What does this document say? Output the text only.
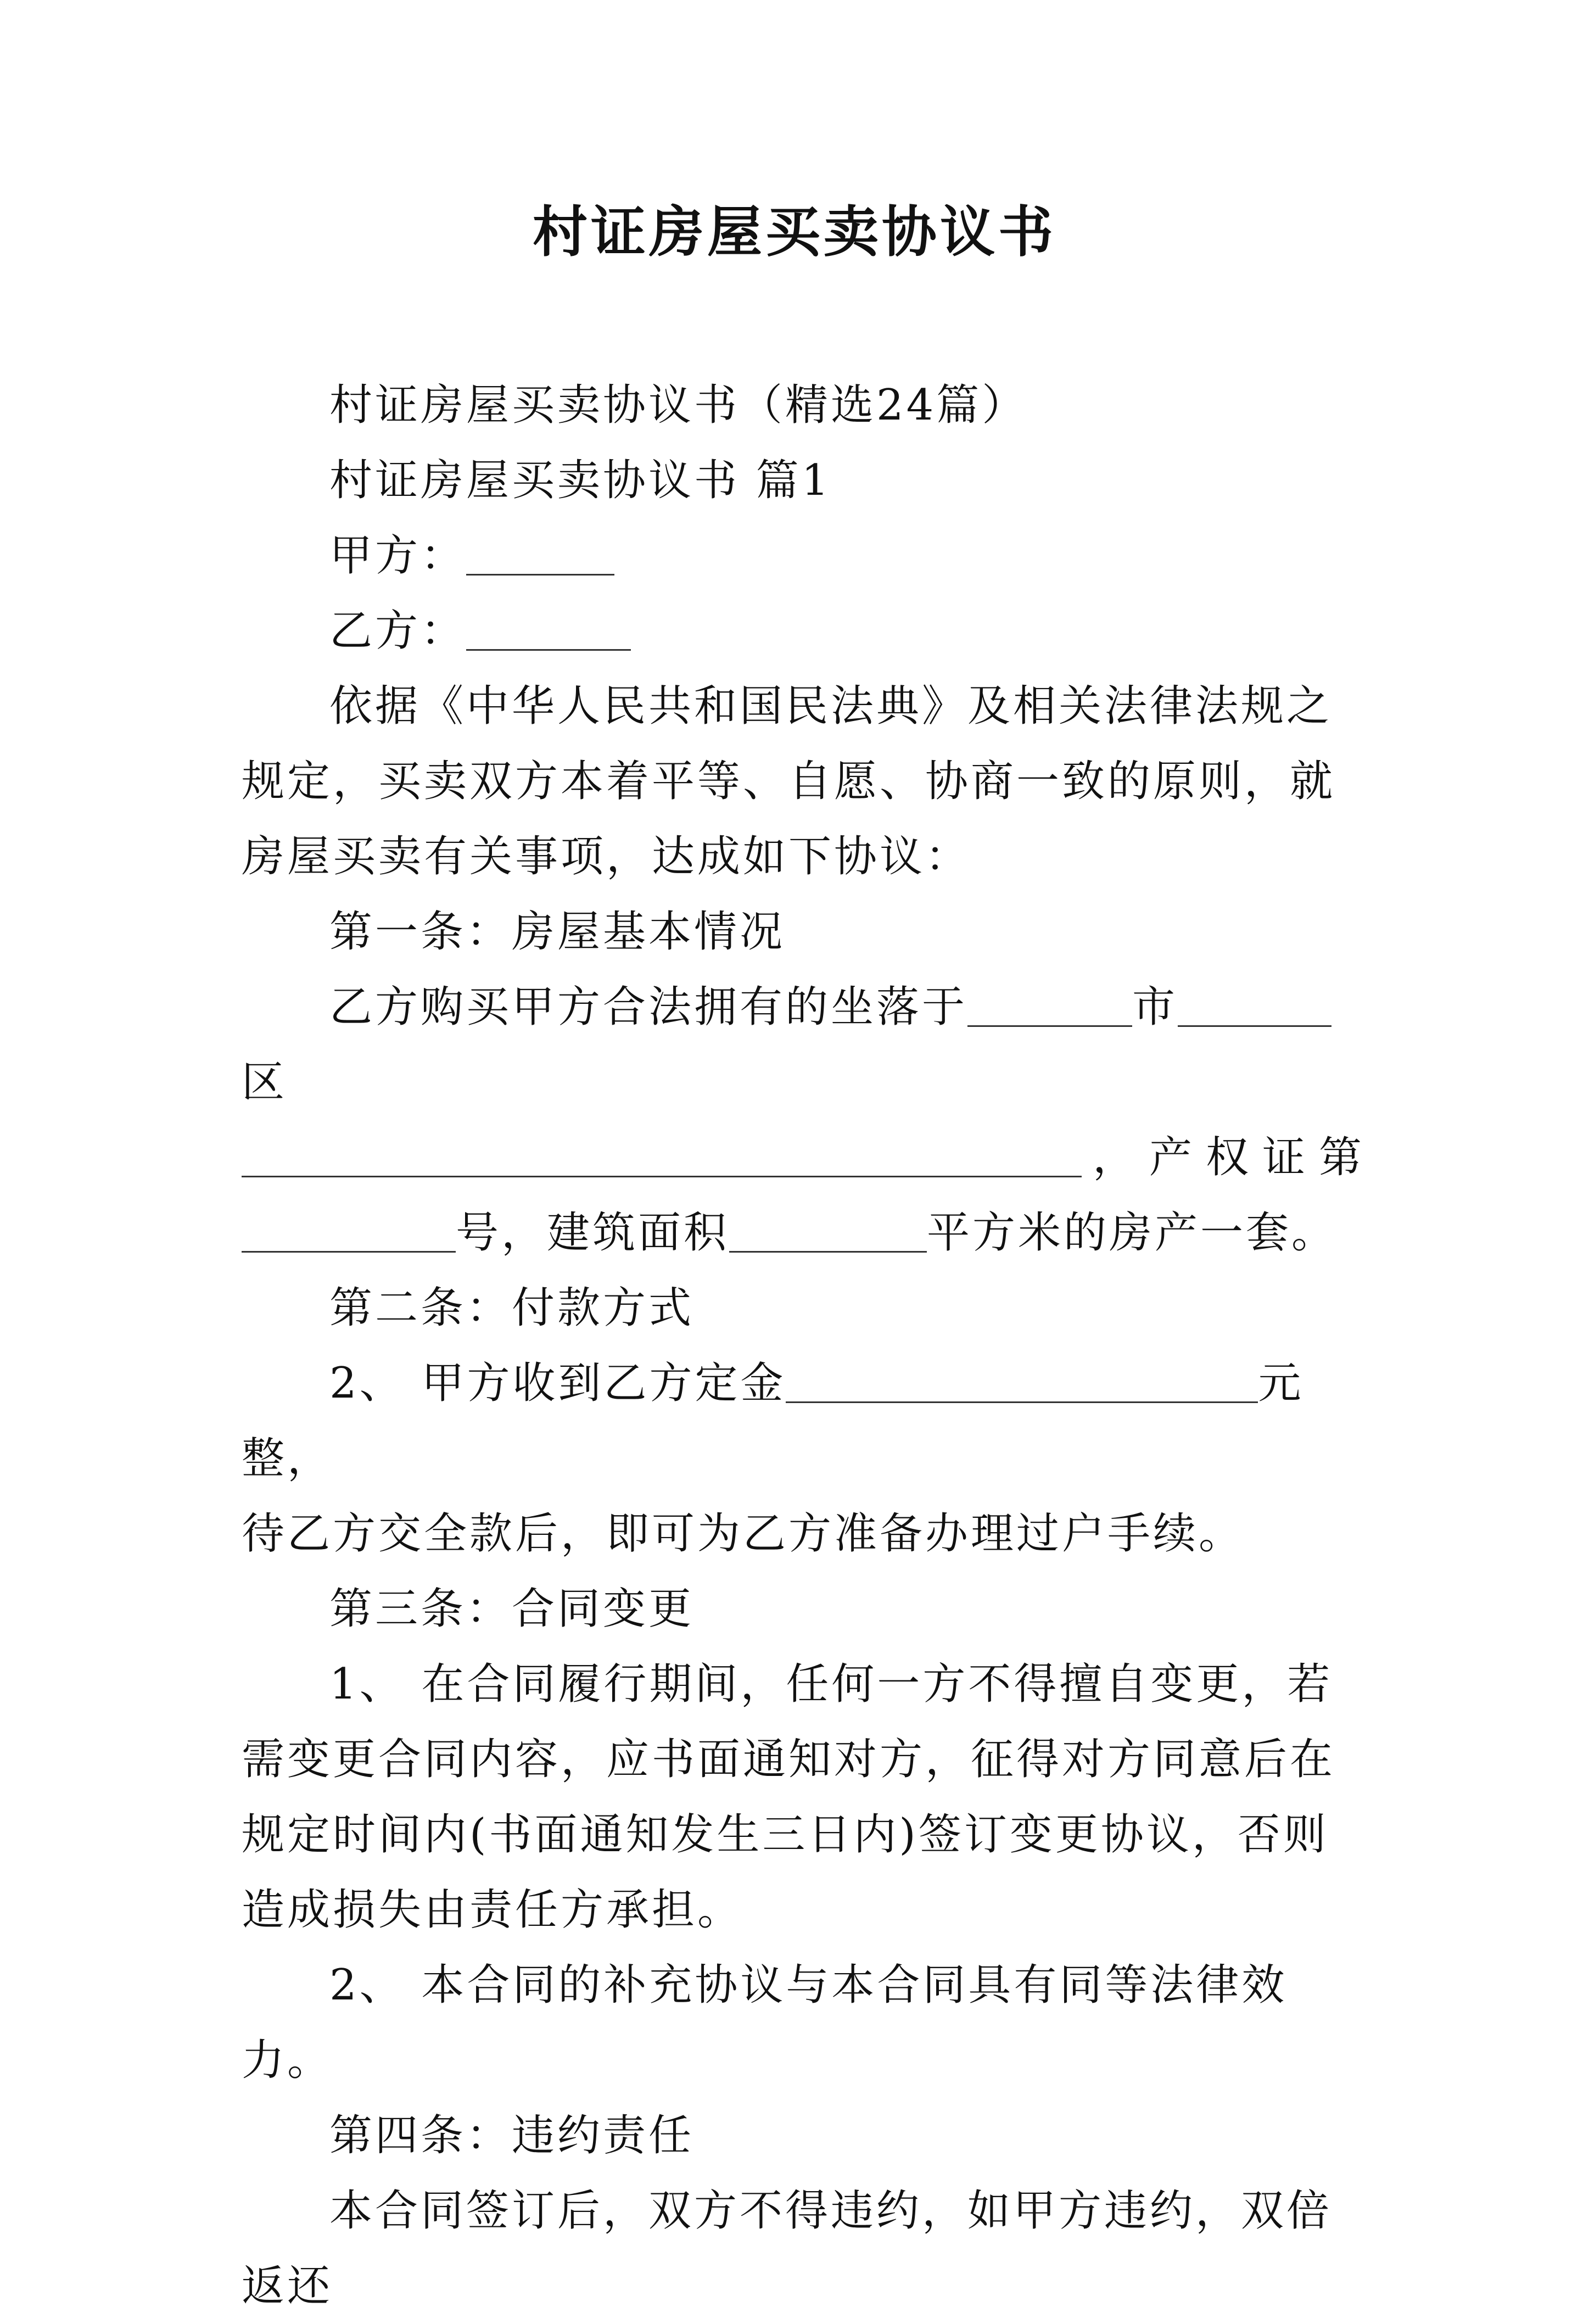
村证房屋买卖协议书

村证房屋买卖协议书（精选24篇）

村证房屋买卖协议书 篇1

甲方：

乙方：

依据《中华人民共和国民法典》及相关法律法规之规定，买卖双方本着平等、自愿、协商一致的原则，就房屋买卖有关事项，达成如下协议：

第一条：房屋基本情况

乙方购买甲方合法拥有的坐落于	市区

，产权证第

号，建筑面积	平方米的房产一套。

第二条：付款方式

2、 甲方收到乙方定金	元整，

待乙方交全款后，即可为乙方准备办理过户手续。

第三条：合同变更

1、 在合同履行期间，任何一方不得擅自变更，若需变更合同内容，应书面通知对方，征得对方同意后在规定时间内(书面通知发生三日内)签订变更协议，否则造成损失由责任方承担。

2、 本合同的补充协议与本合同具有同等法律效力。

第四条：违约责任

本合同签订后，双方不得违约，如甲方违约，双倍返还
